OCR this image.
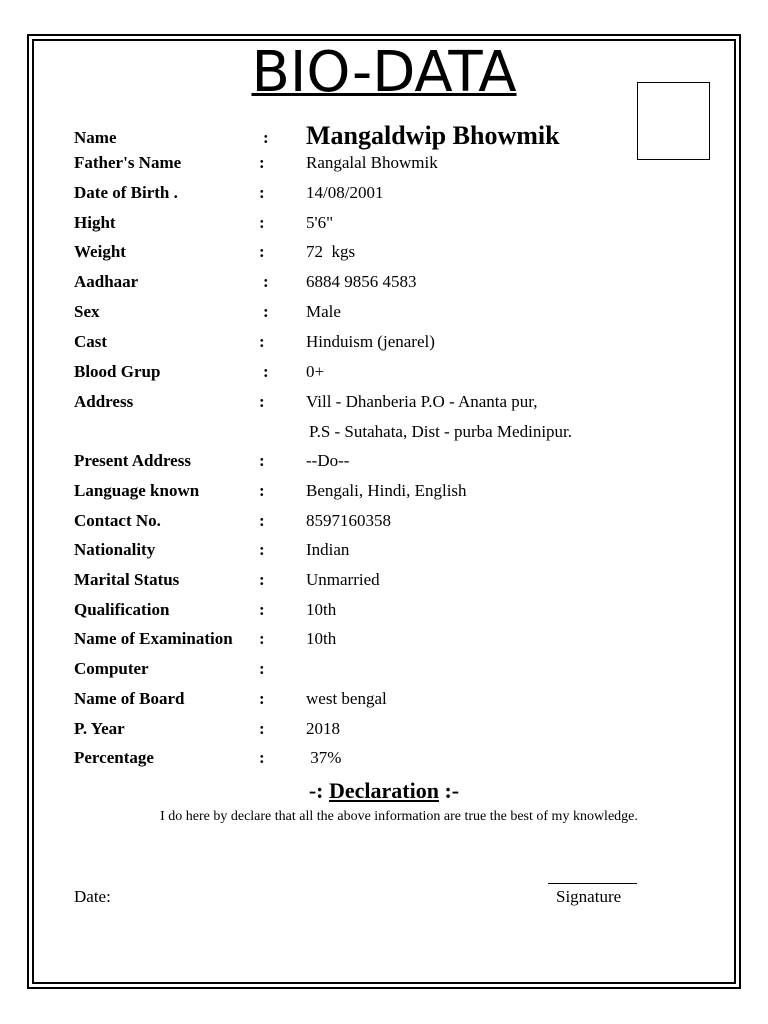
BIO-DATA
Name	: Mangaldwip Bhowmik
Father's Name	: Rangalal Bhowmik
Date of Birth .	: 14/08/2001
Hight	: 5'6"
Weight	: 72  kgs
Aadhaar	: 6884 9856 4583
Sex	: Male
Cast	: Hinduism (jenarel)
Blood Grup	: 0+
Address	: Vill - Dhanberia P.O - Ananta pur,
P.S - Sutahata, Dist - purba Medinipur.
Present Address	: --Do--
Language known	: Bengali, Hindi, English
Contact No.	: 8597160358
Nationality	: Indian
Marital Status	: Unmarried
Qualification	: 10th
Name of Examination : 10th
Computer	:
Name of Board	: west bengal
P. Year	: 2018
Percentage	: 37%
-: Declaration :-
I do here by declare that all the above information are true the best of my knowledge.
Date:	Signature
